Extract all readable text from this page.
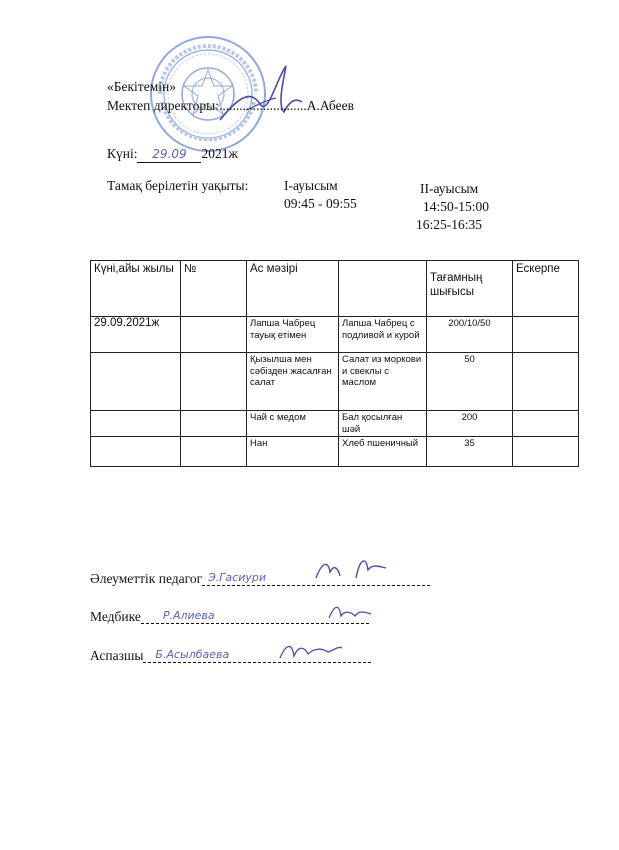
«Бекітемін»
Мектеп директоры:..........................А.Абеев
Күні: 29.09 2021ж
Тамақ берілетін уақыты:	I-ауысым
09:45 - 09:55
II-ауысым
14:50-15:00
16:25-16:35
Күні,айы жылы	№	Ас мәзірі		Тағамның шығысы	Ескерпе
29.09.2021ж		Лапша Чабрец тауық етімен	Лапша Чабрец с подливой и курой	200/10/50	
		Қызылша мен сәбізден жасалған салат	Салат из моркови и свеклы с маслом	50	
		Чай с медом	Бал қосылған шәй	200	
		Нан	Хлеб пшеничный	35	
Әлеуметтік педагог Э.Гасиури
Медбике Р.Алиева
Аспазшы Б.Асылбаева
